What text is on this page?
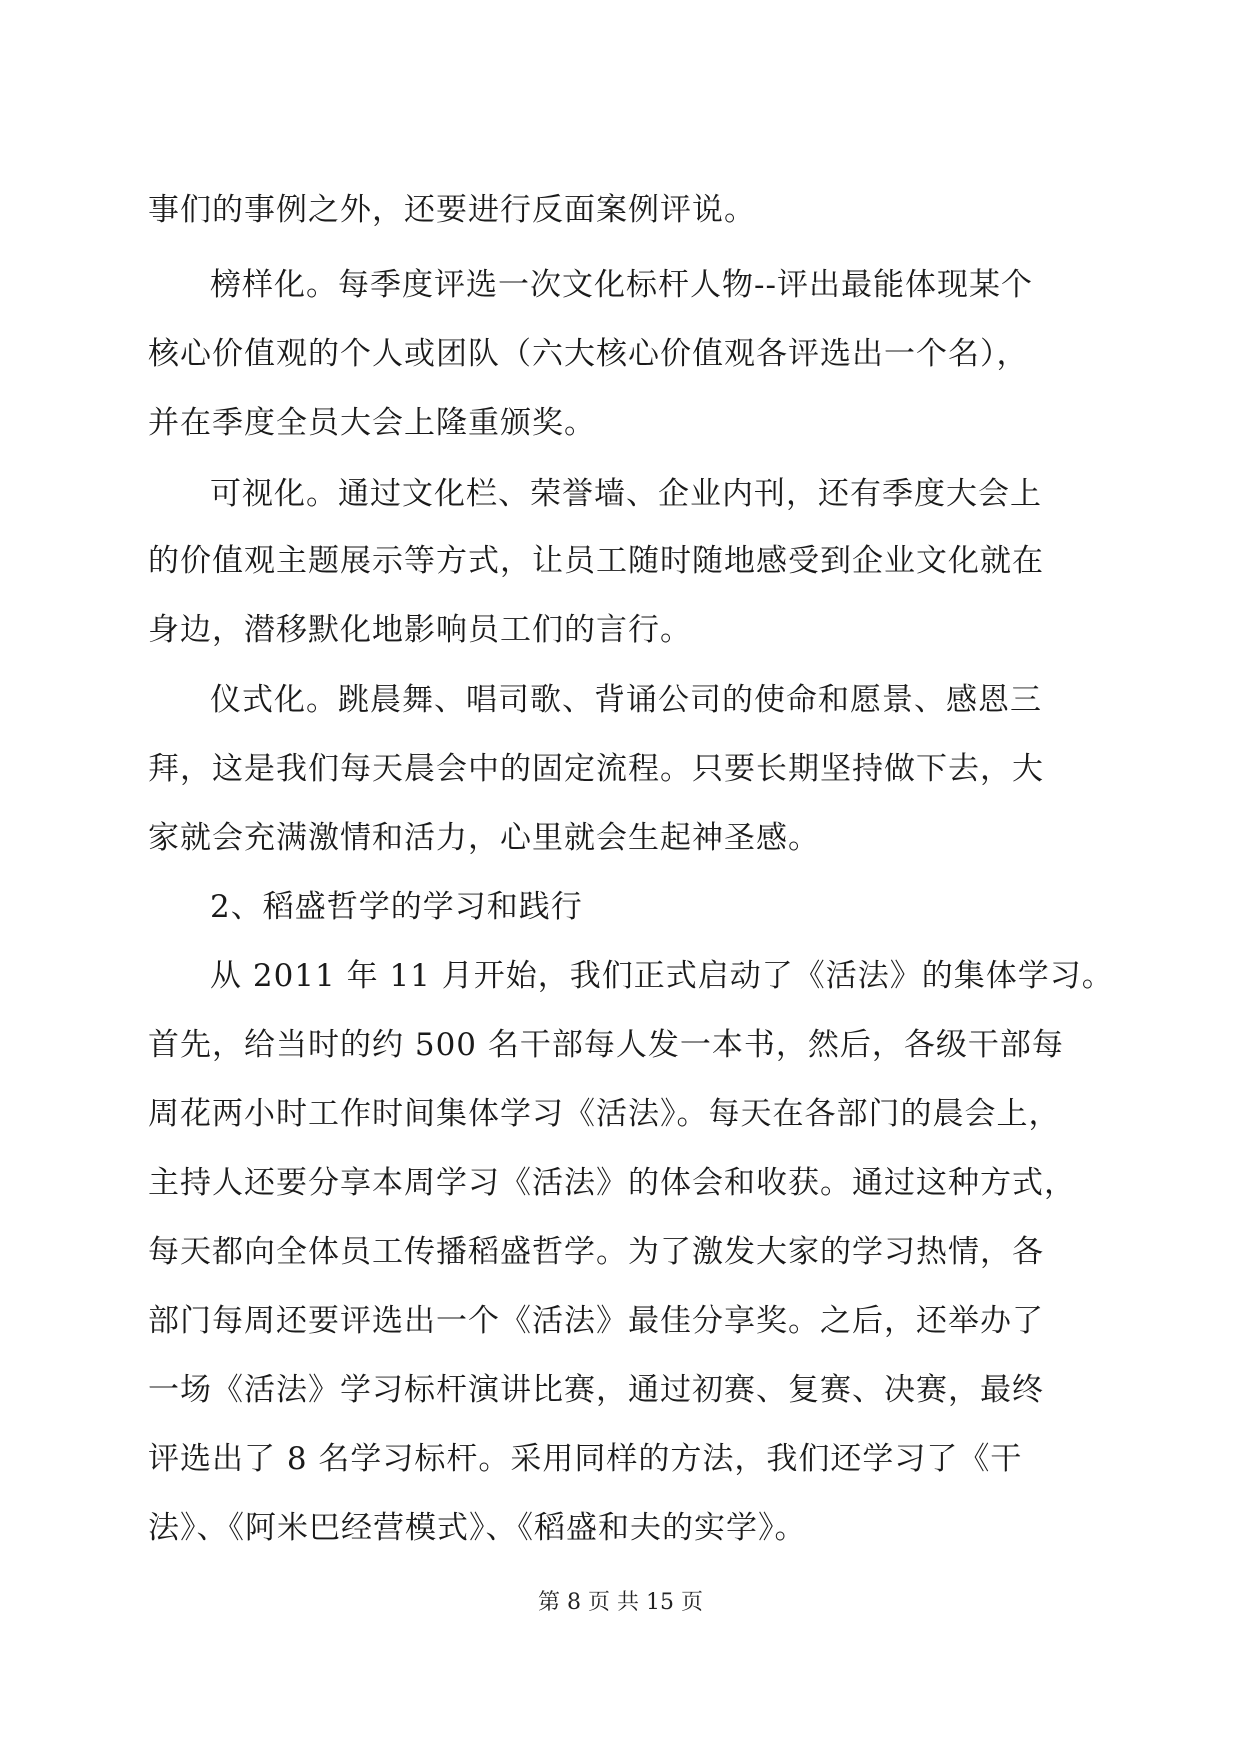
事们的事例之外，还要进行反面案例评说。
榜样化。每季度评选一次文化标杆人物--评出最能体现某个
核心价值观的个人或团队（六大核心价值观各评选出一个名），
并在季度全员大会上隆重颁奖。
可视化。通过文化栏、荣誉墙、企业内刊，还有季度大会上
的价值观主题展示等方式，让员工随时随地感受到企业文化就在
身边，潜移默化地影响员工们的言行。
仪式化。跳晨舞、唱司歌、背诵公司的使命和愿景、感恩三
拜，这是我们每天晨会中的固定流程。只要长期坚持做下去，大
家就会充满激情和活力，心里就会生起神圣感。
2、稻盛哲学的学习和践行
从 2011 年 11 月开始，我们正式启动了《活法》的集体学习。
首先，给当时的约 500 名干部每人发一本书，然后，各级干部每
周花两小时工作时间集体学习《活法》。每天在各部门的晨会上，
主持人还要分享本周学习《活法》的体会和收获。通过这种方式，
每天都向全体员工传播稻盛哲学。为了激发大家的学习热情，各
部门每周还要评选出一个《活法》最佳分享奖。之后，还举办了
一场《活法》学习标杆演讲比赛，通过初赛、复赛、决赛，最终
评选出了 8 名学习标杆。采用同样的方法，我们还学习了《干
法》、《阿米巴经营模式》、《稻盛和夫的实学》。
第 8 页 共 15 页
